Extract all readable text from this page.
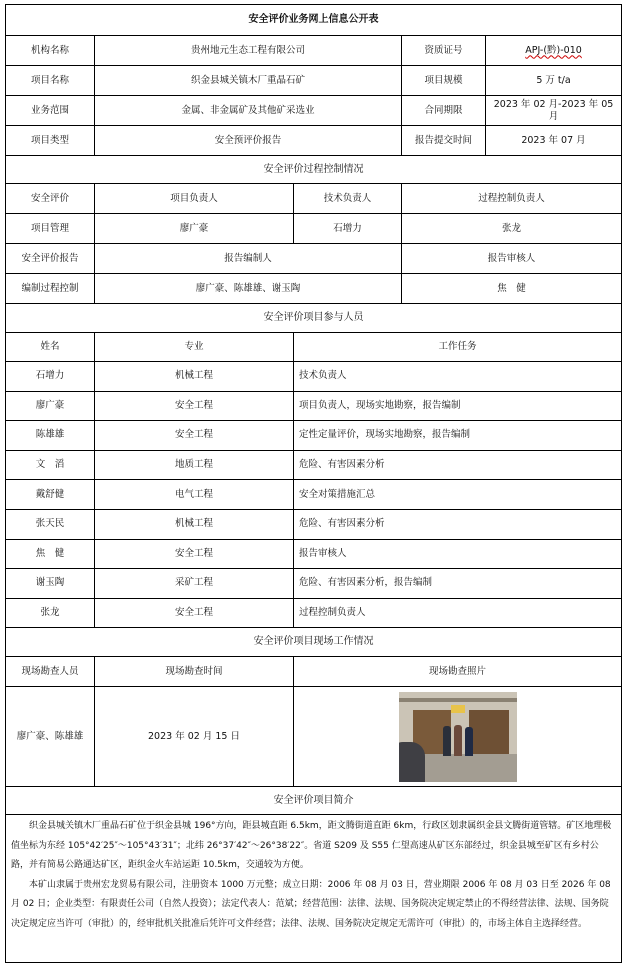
安全评价业务网上信息公开表				
机构名称	贵州地元生态工程有限公司		资质证号	APJ-(黔)-010
项目名称	织金县城关镇木厂重晶石矿		项目规模	5 万 t/a
业务范围	金属、非金属矿及其他矿采选业		合同期限	2023 年 02 月-2023 年 05 月
项目类型	安全预评价报告		报告提交时间	2023 年 07 月
安全评价过程控制情况				
安全评价	项目负责人	技术负责人	过程控制负责人	
项目管理	廖广豪	石增力	张龙	
安全评价报告	报告编制人		报告审核人	
编制过程控制	廖广豪、陈雄雄、谢玉陶		焦　健	
安全评价项目参与人员				
姓名	专业	工作任务		
石增力	机械工程	技术负责人		
廖广豪	安全工程	项目负责人，现场实地勘察，报告编制		
陈雄雄	安全工程	定性定量评价，现场实地勘察，报告编制		
文　滔	地质工程	危险、有害因素分析		
戴舒健	电气工程	安全对策措施汇总		
张天民	机械工程	危险、有害因素分析		
焦　健	安全工程	报告审核人		
谢玉陶	采矿工程	危险、有害因素分析，报告编制		
张龙	安全工程	过程控制负责人		
安全评价项目现场工作情况				
现场勘查人员	现场勘查时间	现场勘查照片		
廖广豪、陈雄雄	2023 年 02 月 15 日			

安全评价项目简介				

织金县城关镇木厂重晶石矿位于织金县城 196°方向，距县城直距 6.5km，距文腾街道直距 6km，行政区划隶属织金县文腾街道管辖。矿区地理极值坐标为东经 105°42′25″～105°43′31″；北纬 26°37′42″～26°38′22″。省道 S209 及 S55 仁望高速从矿区东部经过，织金县城至矿区有乡村公路，并有简易公路通达矿区，距织金火车站运距 10.5km，交通较为方便。

本矿山隶属于贵州宏龙贸易有限公司，注册资本 1000 万元整；成立日期：2006 年 08 月 03 日，营业期限 2006 年 08 月 03 日至 2026 年 08 月 02 日；企业类型：有限责任公司（自然人投资）；法定代表人：范斌；经营范围：法律、法规、国务院决定规定禁止的不得经营法律、法规、国务院决定规定应当许可（审批）的，经审批机关批准后凭许可文件经营；法律、法规、国务院决定规定无需许可（审批）的，市场主体自主选择经营。				
